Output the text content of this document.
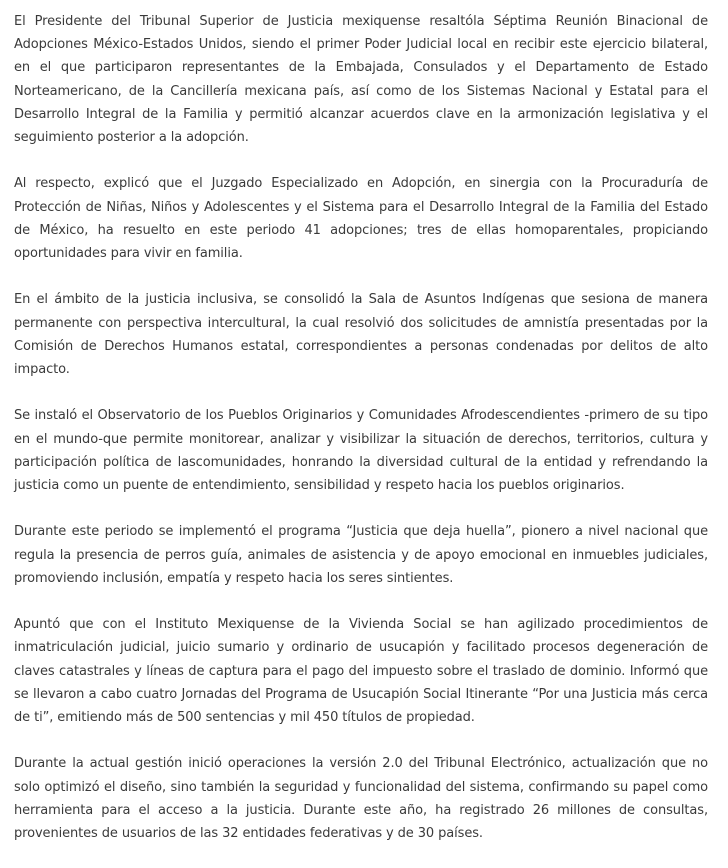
El Presidente del Tribunal Superior de Justicia mexiquense resaltóla Séptima Reunión Binacional de Adopciones México-Estados Unidos, siendo el primer Poder Judicial local en recibir este ejercicio bilateral, en el que participaron representantes de la Embajada, Consulados y el Departamento de Estado Norteamericano, de la Cancillería mexicana país, así como de los Sistemas Nacional y Estatal para el Desarrollo Integral de la Familia y permitió alcanzar acuerdos clave en la armonización legislativa y el seguimiento posterior a la adopción.

Al respecto, explicó que el Juzgado Especializado en Adopción, en sinergia con la Procuraduría de Protección de Niñas, Niños y Adolescentes y el Sistema para el Desarrollo Integral de la Familia del Estado de México, ha resuelto en este periodo 41 adopciones; tres de ellas homoparentales, propiciando oportunidades para vivir en familia.

En el ámbito de la justicia inclusiva, se consolidó la Sala de Asuntos Indígenas que sesiona de manera permanente con perspectiva intercultural, la cual resolvió dos solicitudes de amnistía presentadas por la Comisión de Derechos Humanos estatal, correspondientes a personas condenadas por delitos de alto impacto.

Se instaló el Observatorio de los Pueblos Originarios y Comunidades Afrodescendientes -primero de su tipo en el mundo-que permite monitorear, analizar y visibilizar la situación de derechos, territorios, cultura y participación política de lascomunidades, honrando la diversidad cultural de la entidad y refrendando la justicia como un puente de entendimiento, sensibilidad y respeto hacia los pueblos originarios.

Durante este periodo se implementó el programa “Justicia que deja huella”, pionero a nivel nacional que regula la presencia de perros guía, animales de asistencia y de apoyo emocional en inmuebles judiciales, promoviendo inclusión, empatía y respeto hacia los seres sintientes.

Apuntó que con el Instituto Mexiquense de la Vivienda Social se han agilizado procedimientos de inmatriculación judicial, juicio sumario y ordinario de usucapión y facilitado procesos degeneración de claves catastrales y líneas de captura para el pago del impuesto sobre el traslado de dominio. Informó que se llevaron a cabo cuatro Jornadas del Programa de Usucapión Social Itinerante “Por una Justicia más cerca de ti”, emitiendo más de 500 sentencias y mil 450 títulos de propiedad.

Durante la actual gestión inició operaciones la versión 2.0 del Tribunal Electrónico, actualización que no solo optimizó el diseño, sino también la seguridad y funcionalidad del sistema, confirmando su papel como herramienta para el acceso a la justicia. Durante este año, ha registrado 26 millones de consultas, provenientes de usuarios de las 32 entidades federativas y de 30 países.
